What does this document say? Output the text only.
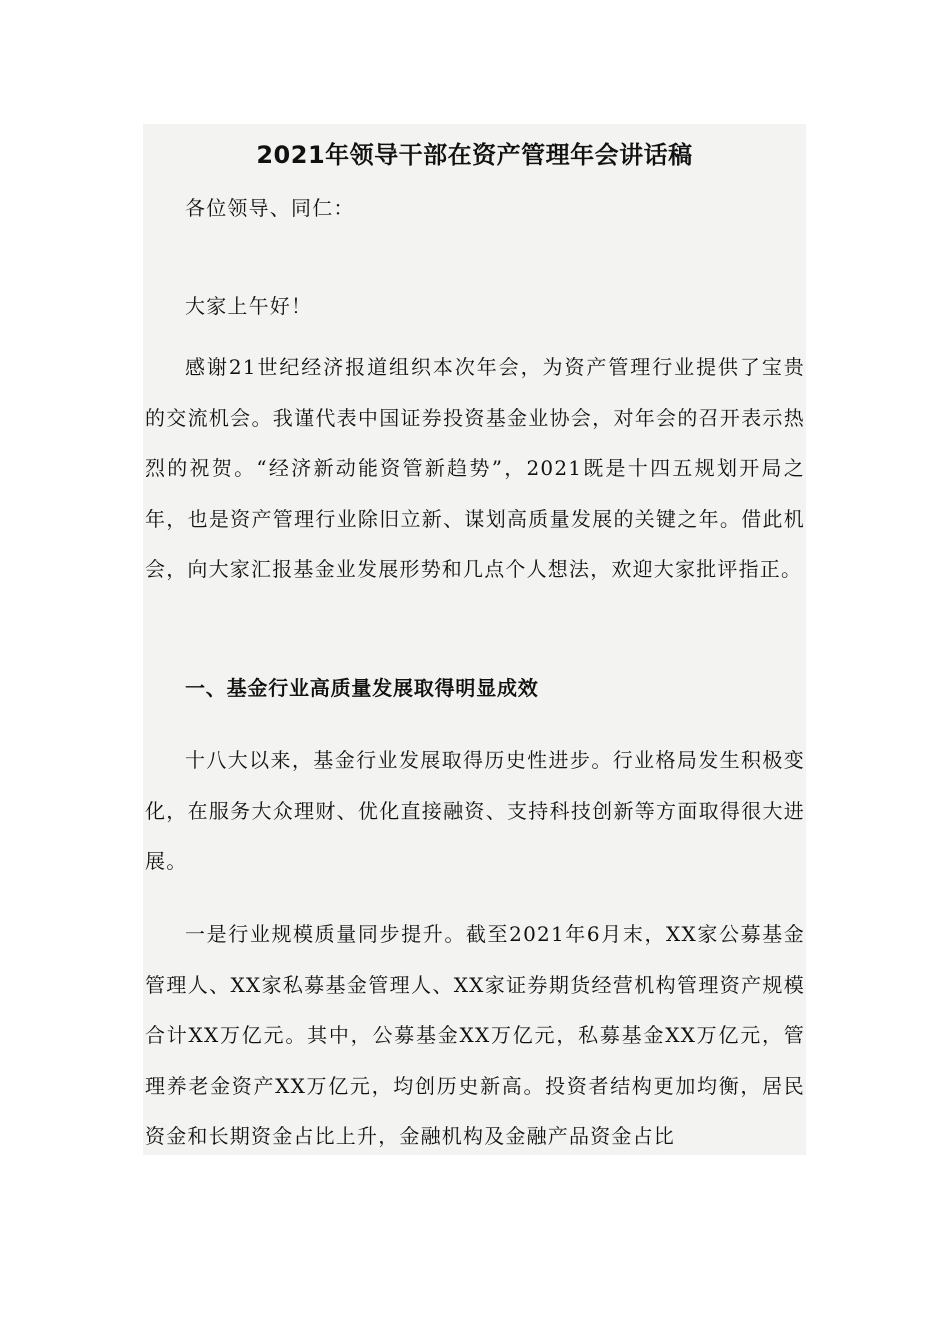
2021年领导干部在资产管理年会讲话稿

各位领导、同仁：

大家上午好！

感谢21世纪经济报道组织本次年会，为资产管理行业提供了宝贵的交流机会。我谨代表中国证券投资基金业协会，对年会的召开表示热烈的祝贺。“经济新动能资管新趋势”，2021既是十四五规划开局之年，也是资产管理行业除旧立新、谋划高质量发展的关键之年。借此机会，向大家汇报基金业发展形势和几点个人想法，欢迎大家批评指正。

一、基金行业高质量发展取得明显成效

十八大以来，基金行业发展取得历史性进步。行业格局发生积极变化，在服务大众理财、优化直接融资、支持科技创新等方面取得很大进展。

一是行业规模质量同步提升。截至2021年6月末，XX家公募基金管理人、XX家私募基金管理人、XX家证券期货经营机构管理资产规模合计XX万亿元。其中，公募基金XX万亿元，私募基金XX万亿元，管理养老金资产XX万亿元，均创历史新高。投资者结构更加均衡，居民资金和长期资金占比上升，金融机构及金融产品资金占比
